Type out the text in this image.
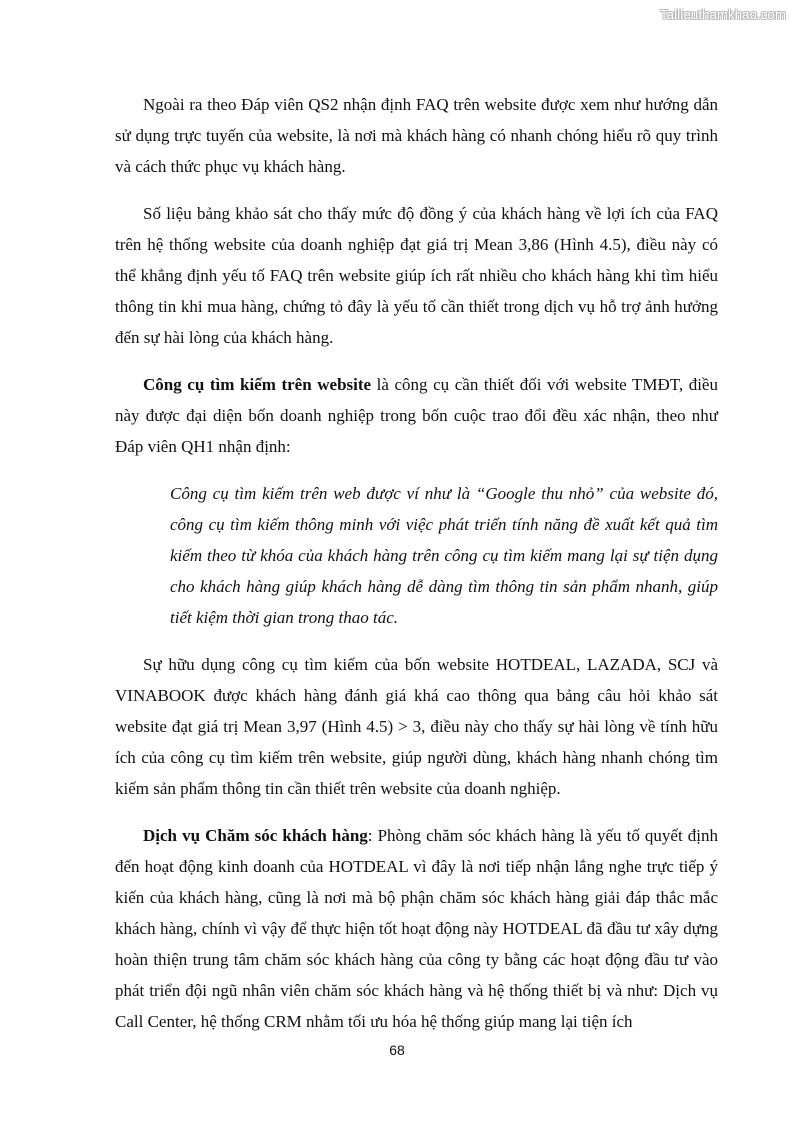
Tailieuthamkhao.com

Ngoài ra theo Đáp viên QS2 nhận định FAQ trên website được xem như hướng dẫn sử dụng trực tuyến của website, là nơi mà khách hàng có nhanh chóng hiểu rõ quy trình và cách thức phục vụ khách hàng.

Số liệu bảng khảo sát cho thấy mức độ đồng ý của khách hàng về lợi ích của FAQ trên hệ thống website của doanh nghiệp đạt giá trị Mean 3,86 (Hình 4.5), điều này có thể khẳng định yếu tố FAQ trên website giúp ích rất nhiều cho khách hàng khi tìm hiểu thông tin khi mua hàng, chứng tỏ đây là yếu tố cần thiết trong dịch vụ hỗ trợ ảnh hưởng đến sự hài lòng của khách hàng.

Công cụ tìm kiếm trên website là công cụ cần thiết đối với website TMĐT, điều này được đại diện bốn doanh nghiệp trong bốn cuộc trao đổi đều xác nhận, theo như Đáp viên QH1 nhận định:

Công cụ tìm kiếm trên web được ví như là “Google thu nhỏ” của website đó, công cụ tìm kiếm thông minh với việc phát triển tính năng đề xuất kết quả tìm kiếm theo từ khóa của khách hàng trên công cụ tìm kiếm mang lại sự tiện dụng cho khách hàng giúp khách hàng dễ dàng tìm thông tin sản phẩm nhanh, giúp tiết kiệm thời gian trong thao tác.

Sự hữu dụng công cụ tìm kiếm của bốn website HOTDEAL, LAZADA, SCJ và VINABOOK được khách hàng đánh giá khá cao thông qua bảng câu hỏi khảo sát website đạt giá trị Mean 3,97 (Hình 4.5) > 3, điều này cho thấy sự hài lòng về tính hữu ích của công cụ tìm kiếm trên website, giúp người dùng, khách hàng nhanh chóng tìm kiếm sản phẩm thông tin cần thiết trên website của doanh nghiệp.

Dịch vụ Chăm sóc khách hàng: Phòng chăm sóc khách hàng là yếu tố quyết định đến hoạt động kinh doanh của HOTDEAL vì đây là nơi tiếp nhận lắng nghe trực tiếp ý kiến của khách hàng, cũng là nơi mà bộ phận chăm sóc khách hàng giải đáp thắc mắc khách hàng, chính vì vậy để thực hiện tốt hoạt động này HOTDEAL đã đầu tư xây dựng hoàn thiện trung tâm chăm sóc khách hàng của công ty bằng các hoạt động đầu tư vào phát triển đội ngũ nhân viên chăm sóc khách hàng và hệ thống thiết bị và như: Dịch vụ Call Center, hệ thống CRM nhằm tối ưu hóa hệ thống giúp mang lại tiện ích

68
